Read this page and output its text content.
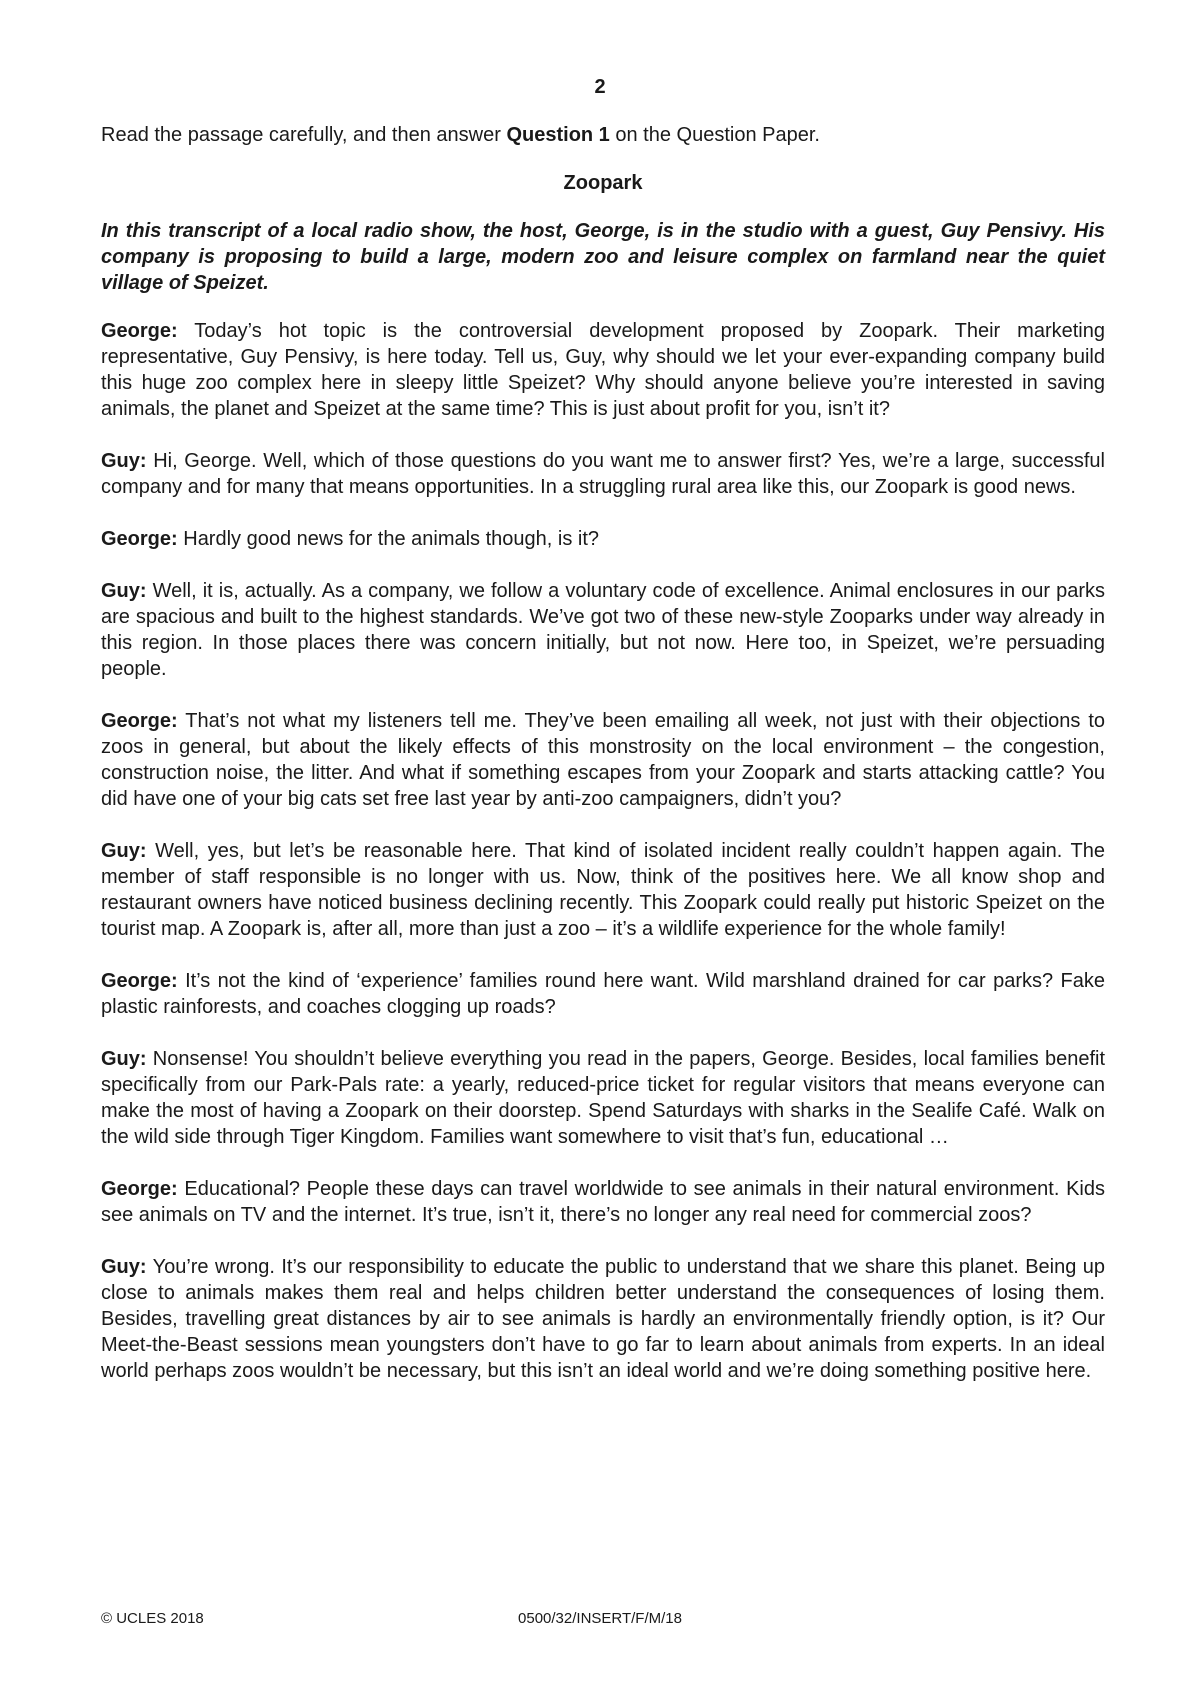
2

Read the passage carefully, and then answer Question 1 on the Question Paper.

Zoopark

In this transcript of a local radio show, the host, George, is in the studio with a guest, Guy Pensivy. His company is proposing to build a large, modern zoo and leisure complex on farmland near the quiet village of Speizet.

George: Today’s hot topic is the controversial development proposed by Zoopark. Their marketing representative, Guy Pensivy, is here today. Tell us, Guy, why should we let your ever-expanding company build this huge zoo complex here in sleepy little Speizet? Why should anyone believe you’re interested in saving animals, the planet and Speizet at the same time? This is just about profit for you, isn’t it?

Guy: Hi, George. Well, which of those questions do you want me to answer first? Yes, we’re a large, successful company and for many that means opportunities. In a struggling rural area like this, our Zoopark is good news.

George: Hardly good news for the animals though, is it?

Guy: Well, it is, actually. As a company, we follow a voluntary code of excellence. Animal enclosures in our parks are spacious and built to the highest standards. We’ve got two of these new-style Zooparks under way already in this region. In those places there was concern initially, but not now. Here too, in Speizet, we’re persuading people.

George: That’s not what my listeners tell me. They’ve been emailing all week, not just with their objections to zoos in general, but about the likely effects of this monstrosity on the local environment – the congestion, construction noise, the litter. And what if something escapes from your Zoopark and starts attacking cattle? You did have one of your big cats set free last year by anti-zoo campaigners, didn’t you?

Guy: Well, yes, but let’s be reasonable here. That kind of isolated incident really couldn’t happen again. The member of staff responsible is no longer with us. Now, think of the positives here. We all know shop and restaurant owners have noticed business declining recently. This Zoopark could really put historic Speizet on the tourist map. A Zoopark is, after all, more than just a zoo – it’s a wildlife experience for the whole family!

George: It’s not the kind of ‘experience’ families round here want. Wild marshland drained for car parks? Fake plastic rainforests, and coaches clogging up roads?

Guy: Nonsense! You shouldn’t believe everything you read in the papers, George. Besides, local families benefit specifically from our Park-Pals rate: a yearly, reduced-price ticket for regular visitors that means everyone can make the most of having a Zoopark on their doorstep. Spend Saturdays with sharks in the Sealife Café. Walk on the wild side through Tiger Kingdom. Families want somewhere to visit that’s fun, educational …

George: Educational? People these days can travel worldwide to see animals in their natural environment. Kids see animals on TV and the internet. It’s true, isn’t it, there’s no longer any real need for commercial zoos?

Guy: You’re wrong. It’s our responsibility to educate the public to understand that we share this planet. Being up close to animals makes them real and helps children better understand the consequences of losing them. Besides, travelling great distances by air to see animals is hardly an environmentally friendly option, is it? Our Meet-the-Beast sessions mean youngsters don’t have to go far to learn about animals from experts. In an ideal world perhaps zoos wouldn’t be necessary, but this isn’t an ideal world and we’re doing something positive here.

© UCLES 2018	0500/32/INSERT/F/M/18
